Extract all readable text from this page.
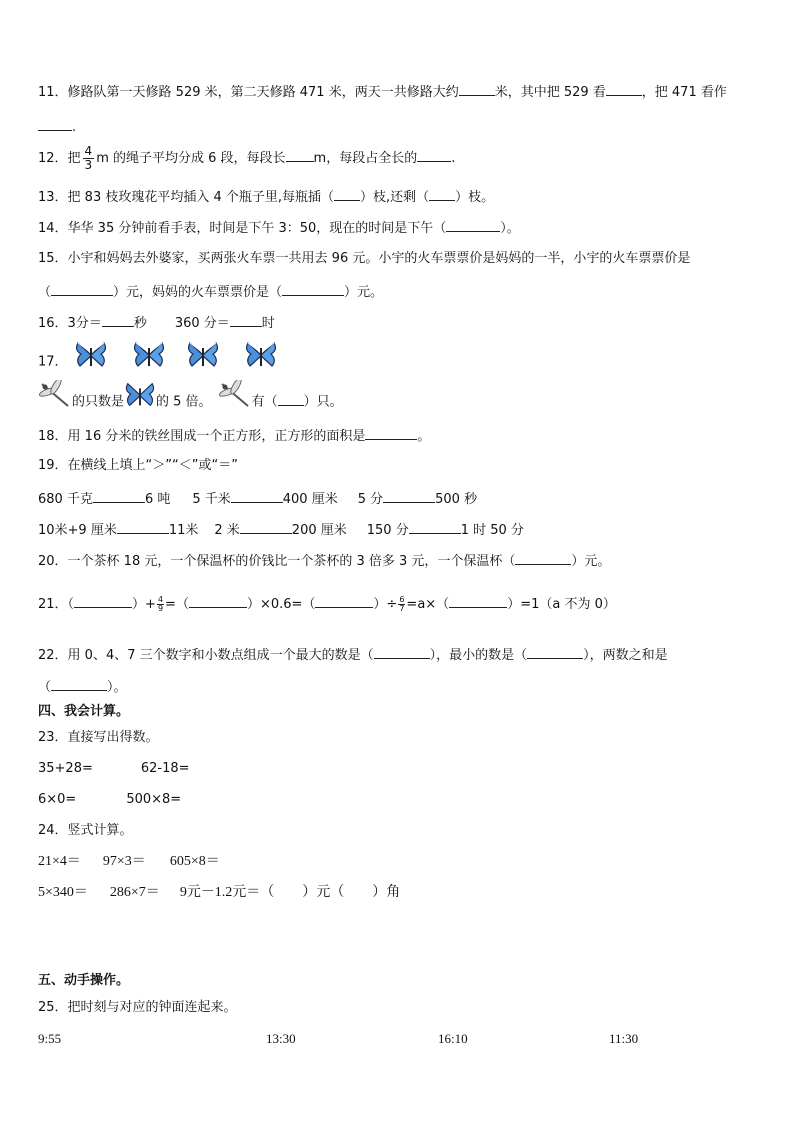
11．修路队第一天修路 529 米，第二天修路 471 米，两天一共修路大约	米，其中把 529 看	，把 471 看作
.
12．把 $\frac{4}{3}$ m 的绳子平均分成 6 段，每段长 m，每段占全长的	.
13．把 83 枝玫瑰花平均插入 4 个瓶子里,每瓶插（ ）枝,还剩（ ）枝。
14．华华 35 分钟前看手表，时间是下午 3：50，现在的时间是下午（	）。
15．小宇和妈妈去外婆家，买两张火车票一共用去 96 元。小宇的火车票票价是妈妈的一半，小宇的火车票票价是
（	）元，妈妈的火车票票价是（	）元。
16．3分＝ 秒 360 分＝ 时
17．
的只数是 的 5 倍。	有（ ）只。
18．用 16 分米的铁丝围成一个正方形，正方形的面积是	。
19．在横线上填上“＞”“＜”或“＝”
680 千克	6 吨 5 千米	400 厘米 5 分	500 秒
10米+9 厘米	11米 2 米	200 厘米 150 分	1 时 50 分
20．一个茶杯 18 元，一个保温杯的价钱比一个茶杯的 3 倍多 3 元，一个保温杯（	）元。
21．（	）+ $\frac{4}{9}$ =（	）×0.6=（	）÷ $\frac{6}{7} =a\times$（	）=1（a 不为 0）
22．用 0、4、7 三个数字和小数点组成一个最大的数是（	），最小的数是（	），两数之和是
（	）。
四、我会计算。
23．直接写出得数。
35+28=	62-18=
6×0=	500×8=
24．竖式计算。
21×4＝ 97×3＝ 605×8＝
5×340＝ 286×7＝ 9元－1.2元＝（　　）元（　　）角
五、动手操作。
25．把时刻与对应的钟面连起来。
9:55	13:30	16:10	11:30
